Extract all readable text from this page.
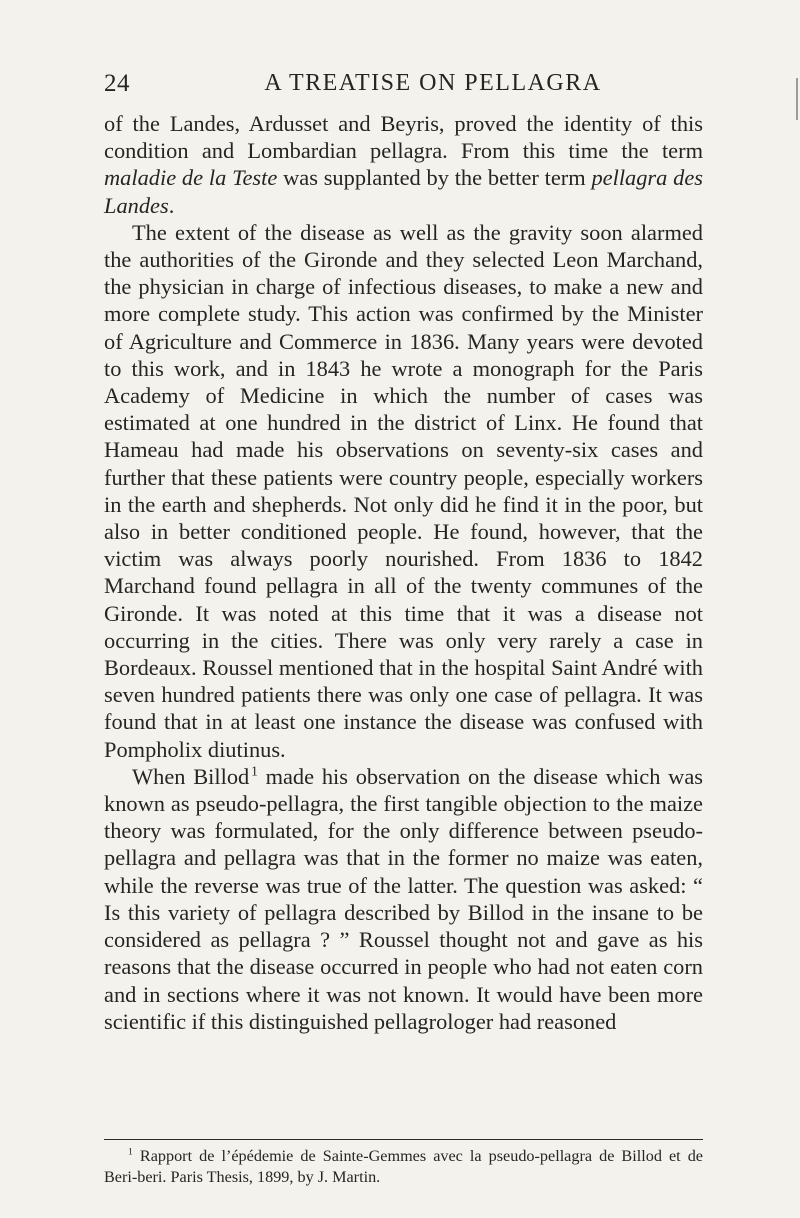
24	A TREATISE ON PELLAGRA

of the Landes, Ardusset and Beyris, proved the identity of this condition and Lombardian pellagra. From this time the term maladie de la Teste was supplanted by the better term pellagra des Landes.

The extent of the disease as well as the gravity soon alarmed the authorities of the Gironde and they selected Leon Marchand, the physician in charge of infectious diseases, to make a new and more complete study. This action was confirmed by the Minister of Agriculture and Commerce in 1836. Many years were devoted to this work, and in 1843 he wrote a monograph for the Paris Academy of Medicine in which the number of cases was estimated at one hundred in the district of Linx. He found that Hameau had made his observations on seventy-six cases and further that these patients were country people, especially workers in the earth and shepherds. Not only did he find it in the poor, but also in better conditioned people. He found, however, that the victim was always poorly nourished. From 1836 to 1842 Marchand found pellagra in all of the twenty communes of the Gironde. It was noted at this time that it was a disease not occurring in the cities. There was only very rarely a case in Bordeaux. Roussel mentioned that in the hospital Saint André with seven hundred patients there was only one case of pellagra. It was found that in at least one instance the disease was confused with Pompholix diutinus.

When Billod  $^1$ made his observation on the disease which was known as pseudo-pellagra, the first tangible objection to the maize theory was formulated, for the only difference between pseudo-pellagra and pellagra was that in the former no maize was eaten, while the reverse was true of the latter. The question was asked: “ Is this variety of pellagra described by Billod in the insane to be considered as pellagra ? ” Roussel thought not and gave as his reasons that the disease occurred in people who had not eaten corn and in sections where it was not known. It would have been more scientific if this distinguished pellagrologer had reasoned

$^1$ Rapport de l’épédemie de Sainte-Gemmes avec la pseudo-pellagra de Billod et de Beri-beri. Paris Thesis, 1899, by J. Martin.
